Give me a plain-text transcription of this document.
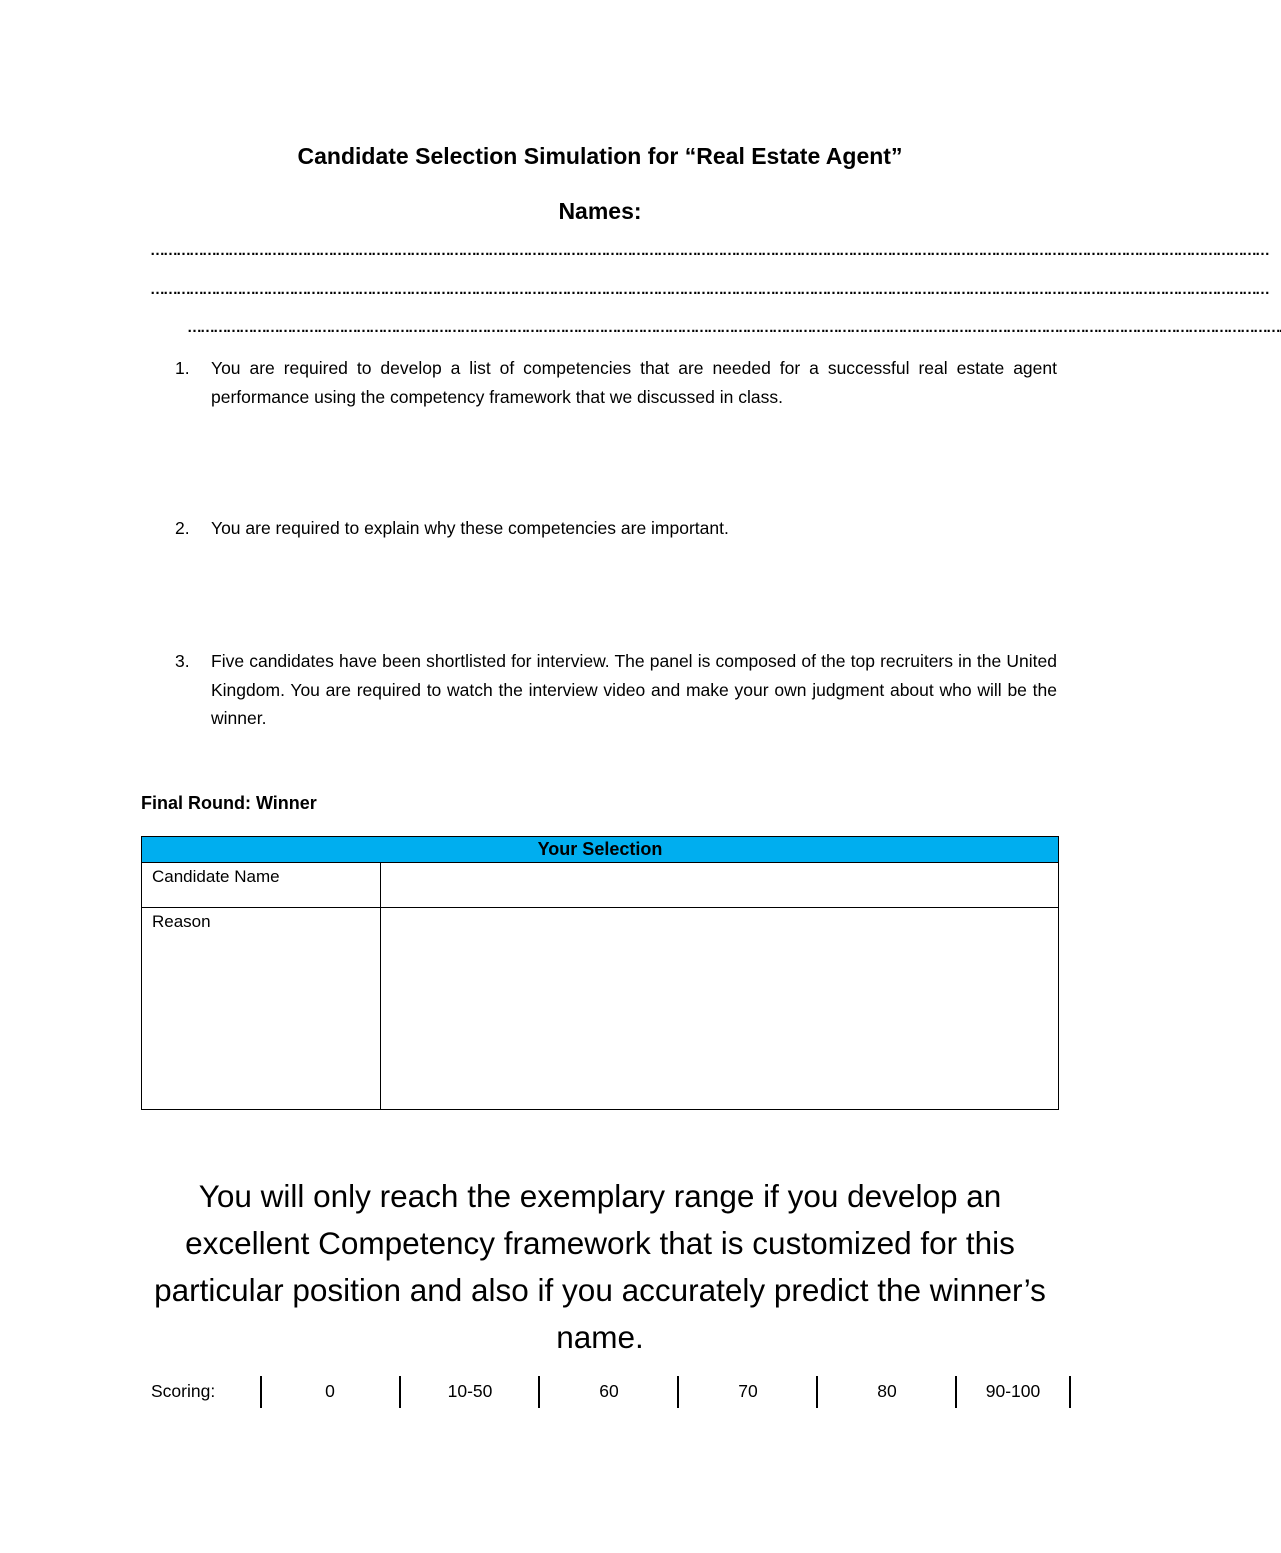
Candidate Selection Simulation for “Real Estate Agent”
Names:
……………………………………………………………………………………………………………………………………………………………………………………………………………………………………
……………………………………………………………………………………………………………………………………………………………………………………………………………………………………
……………………………………………………………………………………………………………………………………………………………………………………………………………………………….
1. You are required to develop a list of competencies that are needed for a successful real estate agent performance using the competency framework that we discussed in class.
2. You are required to explain why these competencies are important.
3. Five candidates have been shortlisted for interview. The panel is composed of the top recruiters in the United Kingdom. You are required to watch the interview video and make your own judgment about who will be the winner.
Final Round: Winner
Your Selection	
Candidate Name	
Reason	
You will only reach the exemplary range if you develop an excellent Competency framework that is customized for this particular position and also if you accurately predict the winner’s name.
Scoring:	0	10-50	60	70	80	90-100
